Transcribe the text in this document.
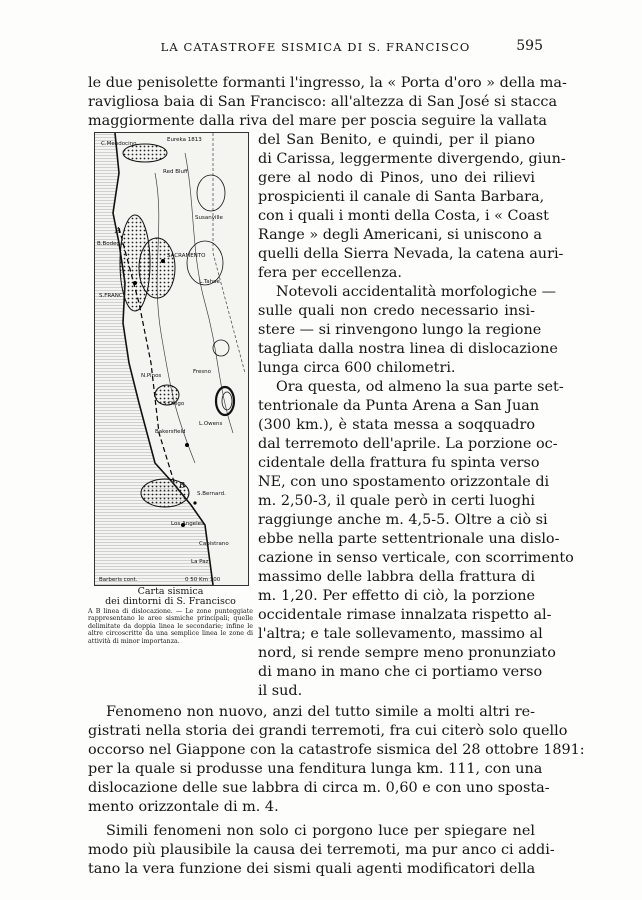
LA CATASTROFE SISMICA DI S. FRANCISCO	595
le due penisolette formanti l'ingresso, la « Porta d'oro » della ma-
ravigliosa baia di San Francisco: all'altezza di San José si stacca
maggiormente dalla riva del mare per poscia seguire la vallata
del San Benito, e quindi, per il piano
di Carissa, leggermente divergendo, giun-
gere al nodo di Pinos, uno dei rilievi
prospicienti il canale di Santa Barbara,
con i quali i monti della Costa, i « Coast
Range » degli Americani, si uniscono a
quelli della Sierra Nevada, la catena auri-
fera per eccellenza.
Notevoli accidentalità morfologiche —
sulle quali non credo necessario insi-
stere — si rinvengono lungo la regione
tagliata dalla nostra linea di dislocazione
lunga circa 600 chilometri.
Ora questa, od almeno la sua parte set-
tentrionale da Punta Arena a San Juan
(300 km.), è stata messa a soqquadro
dal terremoto dell'aprile. La porzione oc-
cidentale della frattura fu spinta verso
NE, con uno spostamento orizzontale di
m. 2,50-3, il quale però in certi luoghi
raggiunge anche m. 4,5-5. Oltre a ciò si
ebbe nella parte settentrionale una dislo-
cazione in senso verticale, con scorrimento
massimo delle labbra della frattura di
m. 1,20. Per effetto di ciò, la porzione
occidentale rimase innalzata rispetto al-
l'altra; e tale sollevamento, massimo al
nord, si rende sempre meno pronunziato
di mano in mano che ci portiamo verso
il sud.
Fenomeno non nuovo, anzi del tutto simile a molti altri re-
gistrati nella storia dei grandi terremoti, fra cui citerò solo quello
occorso nel Giappone con la catastrofe sismica del 28 ottobre 1891:
per la quale si produsse una fenditura lunga km. 111, con una
dislocazione delle sue labbra di circa m. 0,60 e con uno sposta-
mento orizzontale di m. 4.
Simili fenomeni non solo ci porgono luce per spiegare nel
modo più plausibile la causa dei terremoti, ma pur anco ci addi-
tano la vera funzione dei sismi quali agenti modificatori della
A
B
C.Mendocino
Eureka 1813
Red Bluff
Susanville
B.Bodega
SACRAMENTO
S.FRANC.
L.Tahoe
N.Pinos
Fresno
Bakersfield
S.Diego
L.Owens
Los Angeles
S.Bernard.
Capistrano
La Paz
Barberis cont.	0 50 Km 100
Carta sismica
dei dintorni di S. Francisco
A B linea di dislocazione. — Le zone punteggiate rappresentano le aree sismiche principali; quelle delimitate da doppia linea le secondarie; infine le altre circoscritte da una semplice linea le zone di attività di minor importanza.
